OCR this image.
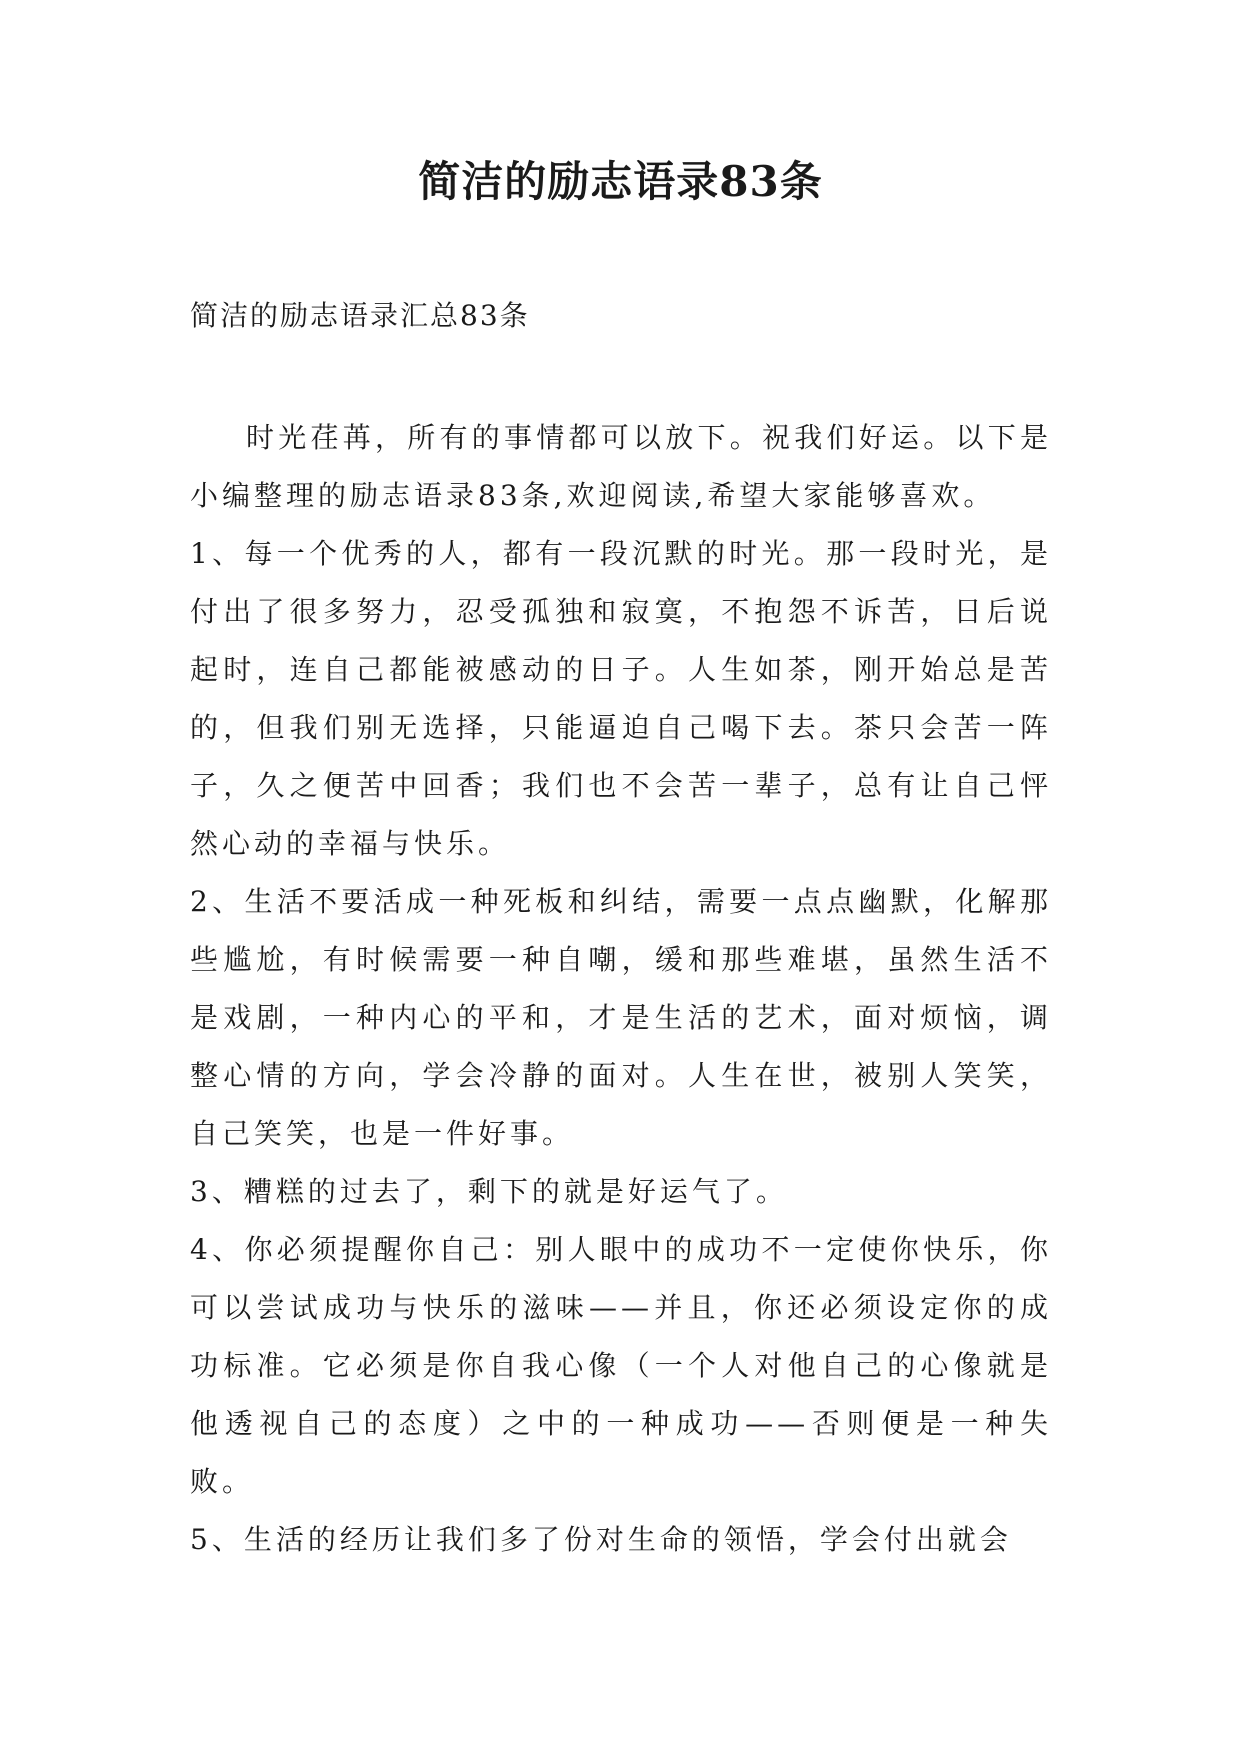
简洁的励志语录83条

简洁的励志语录汇总83条

时光荏苒，所有的事情都可以放下。祝我们好运。以下是小编整理的励志语录83条,欢迎阅读,希望大家能够喜欢。

1、每一个优秀的人，都有一段沉默的时光。那一段时光，是付出了很多努力，忍受孤独和寂寞，不抱怨不诉苦，日后说起时，连自己都能被感动的日子。人生如茶，刚开始总是苦的，但我们别无选择，只能逼迫自己喝下去。茶只会苦一阵子，久之便苦中回香；我们也不会苦一辈子，总有让自己怦然心动的幸福与快乐。

2、生活不要活成一种死板和纠结，需要一点点幽默，化解那些尴尬，有时候需要一种自嘲，缓和那些难堪，虽然生活不是戏剧，一种内心的平和，才是生活的艺术，面对烦恼，调整心情的方向，学会冷静的面对。人生在世，被别人笑笑，自己笑笑，也是一件好事。

3、糟糕的过去了，剩下的就是好运气了。

4、你必须提醒你自己：别人眼中的成功不一定使你快乐，你可以尝试成功与快乐的滋味——并且，你还必须设定你的成功标准。它必须是你自我心像（一个人对他自己的心像就是他透视自己的态度）之中的一种成功——否则便是一种失败。

5、生活的经历让我们多了份对生命的领悟，学会付出就会
